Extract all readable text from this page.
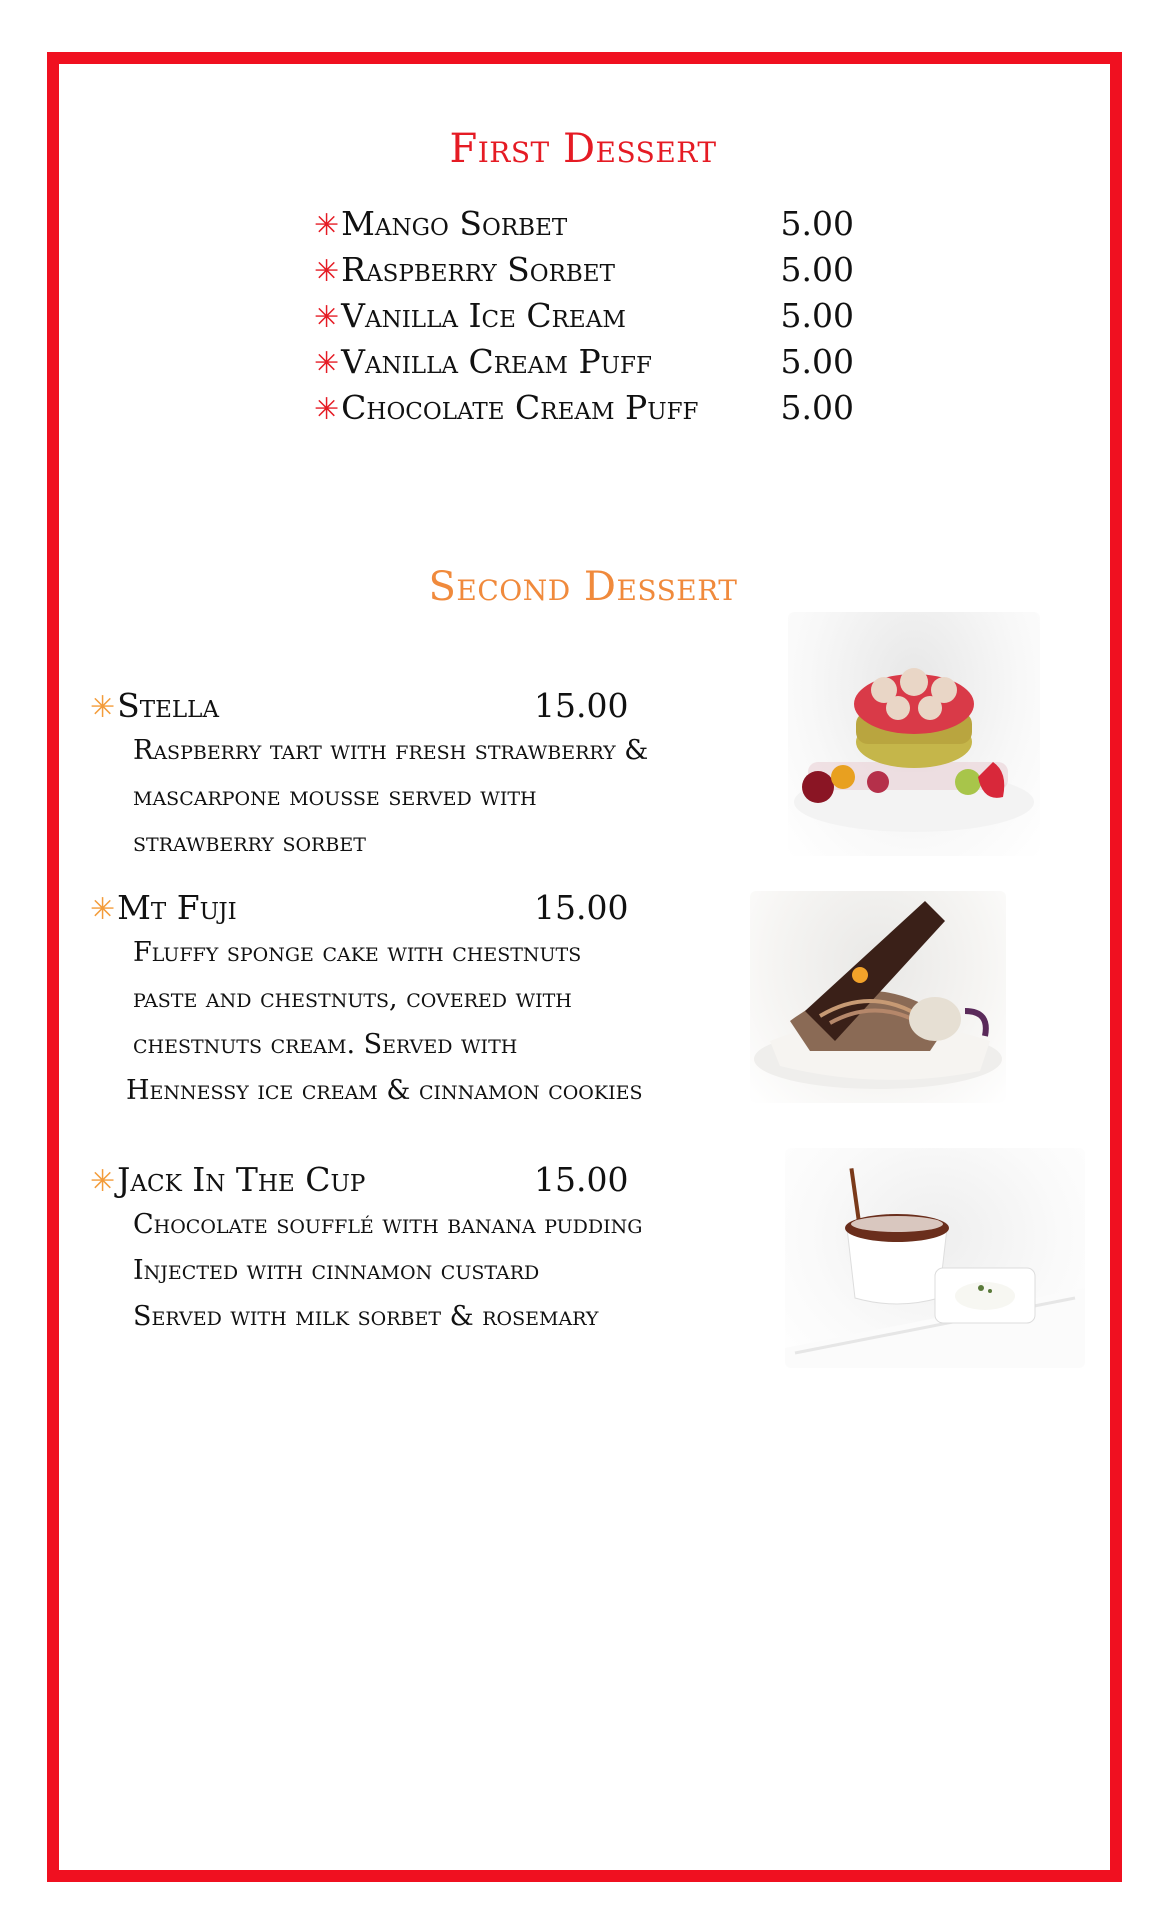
First Dessert
✳Mango Sorbet	5.00
✳Raspberry Sorbet	5.00
✳Vanilla Ice Cream	5.00
✳Vanilla Cream Puff	5.00
✳Chocolate Cream Puff 5.00
Second Dessert
✳Stella	15.00
Raspberry tart with fresh strawberry &
mascarpone mousse served with
strawberry sorbet
✳Mt Fuji	15.00
Fluffy sponge cake with chestnuts
paste and chestnuts, covered with
chestnuts cream. Served with
Hennessy ice cream & cinnamon cookies
✳Jack In The Cup	15.00
Chocolate soufflé with banana pudding
Injected with cinnamon custard
Served with milk sorbet & rosemary
